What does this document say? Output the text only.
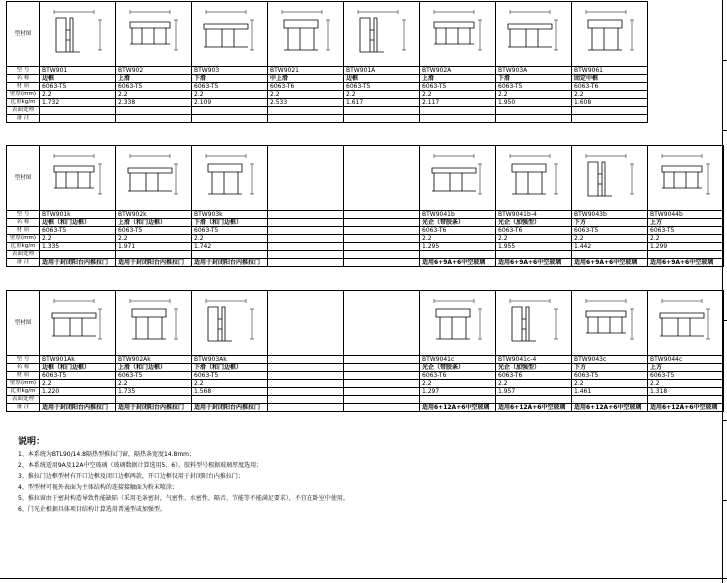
型材图	

型 号	BTW901	BTW902	BTW903	BTW9021	BTW901A	BTW902A	BTW903A	BTW9061
名 称	边框	上滑	下滑	中上滑	边框	上滑	下滑	固定中框
材 质	6063-T5	6063-T5	6063-T5	6063-T6	6063-T5	6063-T5	6063-T5	6063-T6
壁厚(mm)	2.2	2.2	2.2	2.2	2.2	2.2	2.2	2.2
比重kg/m	1.732	2.338	2.109	2.533	1.617	2.117	1.950	1.608
表面处理								
备 注								
型材图	

型 号	BTW901k	BTW902k	BTW903k			BTW9041b	BTW9041b-4	BTW9043b	BTW9044b
名 称	边框（和门边框）	上滑（和门边框）	下滑（和门边框）			光企（带胶条）	光企（加强型）	下方	上方
材 质	6063-T5	6063-T5	6063-T5			6063-T6	6063-T6	6063-T5	6063-T5
壁厚(mm)	2.2	2.2	2.2			2.2	2.2	2.2	2.2
比重kg/m	1.335	1.971	1.742			1.295	1.955	1.442	1.299
表面处理									
备 注	适用于封闭阳台内推拉门	适用于封闭阳台内推拉门	适用于封闭阳台内推拉门			适用6+9A+6中空玻璃	适用6+9A+6中空玻璃	适用6+9A+6中空玻璃	适用6+9A+6中空玻璃
型材图	

型 号	BTW901Ak	BTW902Ak	BTW903Ak			BTW9041c	BTW9041c-4	BTW9043c	BTW9044c
名 称	边框（和门边框）	上滑（和门边框）	下滑（和门边框）			光企（带胶条）	光企（加强型）	下方	上方
材 质	6063-T5	6063-T5	6063-T5			6063-T6	6063-T6	6063-T5	6063-T5
壁厚(mm)	2.2	2.2	2.2			2.2	2.2	2.2	2.2
比重kg/m	1.220	1.735	1.568			1.297	1.957	1.461	1.318
表面处理									
备 注	适用于封闭阳台内推拉门	适用于封闭阳台内推拉门	适用于封闭阳台内推拉门			适用6+12A+6中空玻璃	适用6+12A+6中空玻璃	适用6+12A+6中空玻璃	适用6+12A+6中空玻璃
说明：
1、本系统为BTL90/14.8隔热型推拉门窗，隔热条宽度14.8mm；
2、本系统适用9A及12A中空玻璃（玻璃数据计算选用5、6），胶料型号根据玻璃厚度选用；
3、推拉门边框型材有开口边框及闭口边框两款，开口边框仅用于封闭阳台内推拉门；
4、型型材可视外表面为主体结构的连接接触面为粉末喷涂；
5、推拉窗由于密封构造导致性能缺陷（采用毛条密封，气密性、水密性、隔音、节能等不能满足要求），不宜在卧室中使用。
6、门光企根据具体项目结构计算选用普通型或加强型。
